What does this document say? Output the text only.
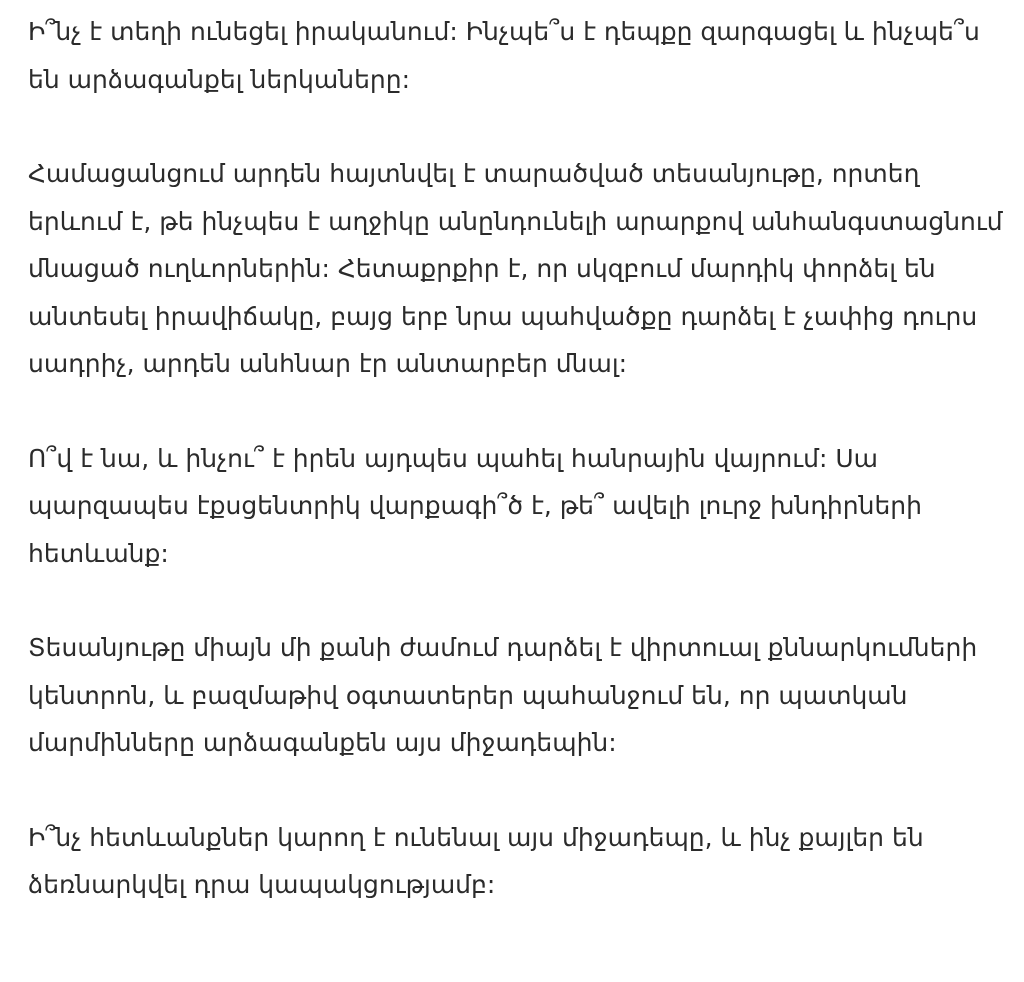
Ի՞նչ է տեղի ունեցել իրականում: Ինչպե՞ս է դեպքը զարգացել և ինչպե՞ս են արձագանքել ներկաները:

Համացանցում արդեն հայտնվել է տարածված տեսանյութը, որտեղ երևում է, թե ինչպես է աղջիկը անընդունելի արարքով անհանգստացնում մնացած ուղևորներին: Հետաքրքիր է, որ սկզբում մարդիկ փորձել են անտեսել իրավիճակը, բայց երբ նրա պահվածքը դարձել է չափից դուրս սադրիչ, արդեն անհնար էր անտարբեր մնալ:

Ո՞վ է նա, և ինչու՞ է իրեն այդպես պահել հանրային վայրում: Սա պարզապես էքսցենտրիկ վարքագի՞ծ է, թե՞ ավելի լուրջ խնդիրների հետևանք:

Տեսանյութը միայն մի քանի ժամում դարձել է վիրտուալ քննարկումների կենտրոն, և բազմաթիվ օգտատերեր պահանջում են, որ պատկան մարմինները արձագանքեն այս միջադեպին:

Ի՞նչ հետևանքներ կարող է ունենալ այս միջադեպը, և ինչ քայլեր են ձեռնարկվել դրա կապակցությամբ:
